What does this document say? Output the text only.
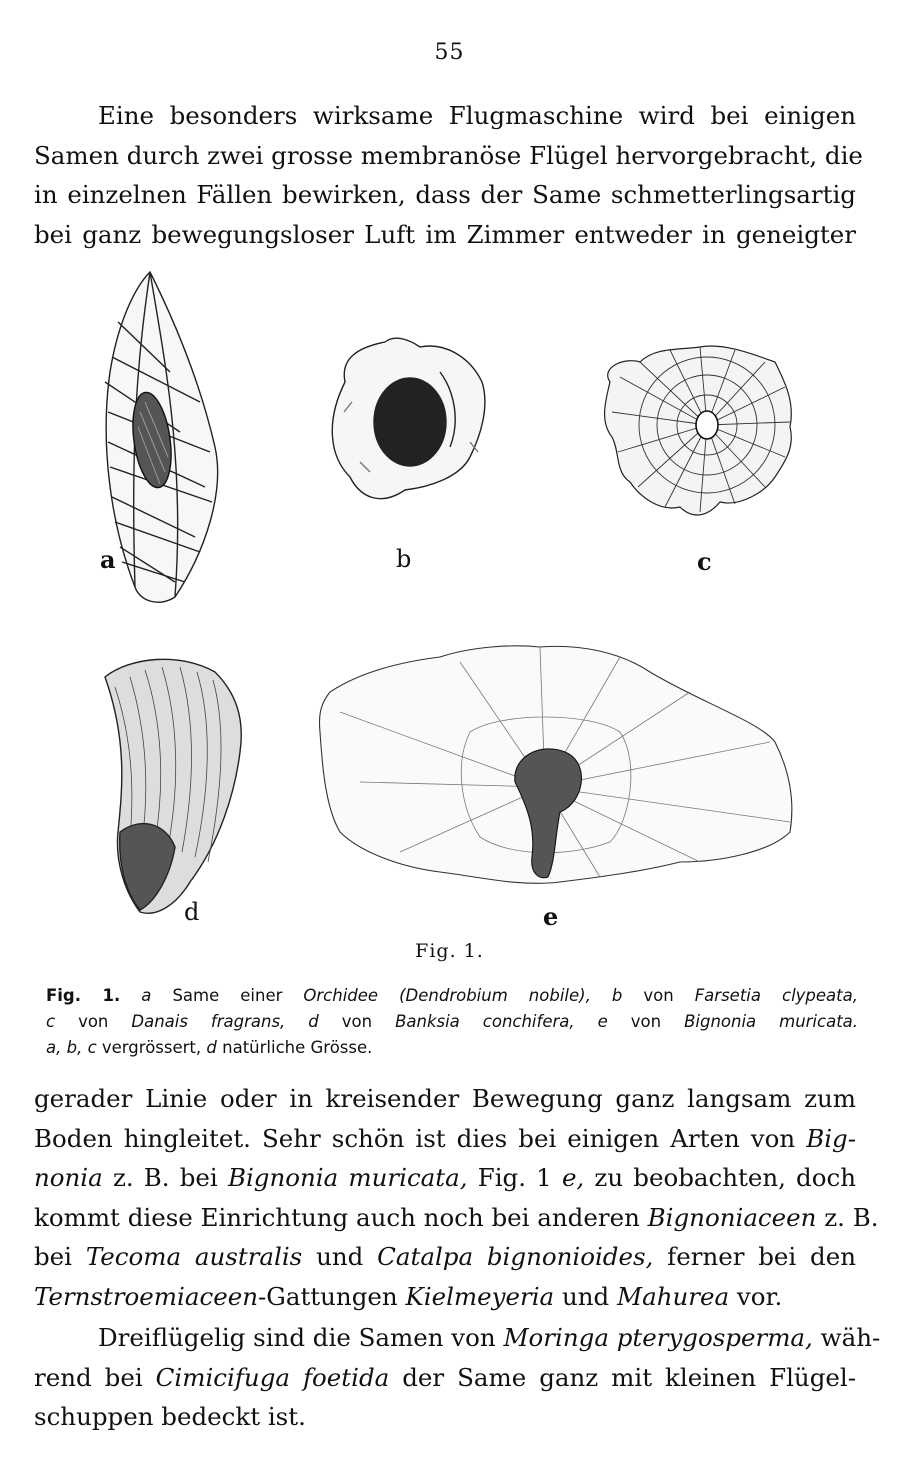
55
Eine besonders wirksame Flugmaschine wird bei einigen
Samen durch zwei grosse membranöse Flügel hervorgebracht, die
in einzelnen Fällen bewirken, dass der Same schmetterlingsartig
bei ganz bewegungsloser Luft im Zimmer entweder in geneigter
a	b	c
d	e
Fig. 1.
Fig. 1. a Same einer Orchidee (Dendrobium nobile), b von Farsetia clypeata,
c von Danais fragrans, d von Banksia conchifera, e von Bignonia muricata.
a, b, c vergrössert, d natürliche Grösse.
gerader Linie oder in kreisender Bewegung ganz langsam zum
Boden hingleitet. Sehr schön ist dies bei einigen Arten von Big-
nonia z. B. bei Bignonia muricata, Fig. 1 e, zu beobachten, doch
kommt diese Einrichtung auch noch bei anderen Bignoniaceen z. B.
bei Tecoma australis und Catalpa bignonioides, ferner bei den
Ternstroemiaceen-Gattungen Kielmeyeria und Mahurea vor.
Dreiflügelig sind die Samen von Moringa pterygosperma, wäh-
rend bei Cimicifuga foetida der Same ganz mit kleinen Flügel-
schuppen bedeckt ist.
